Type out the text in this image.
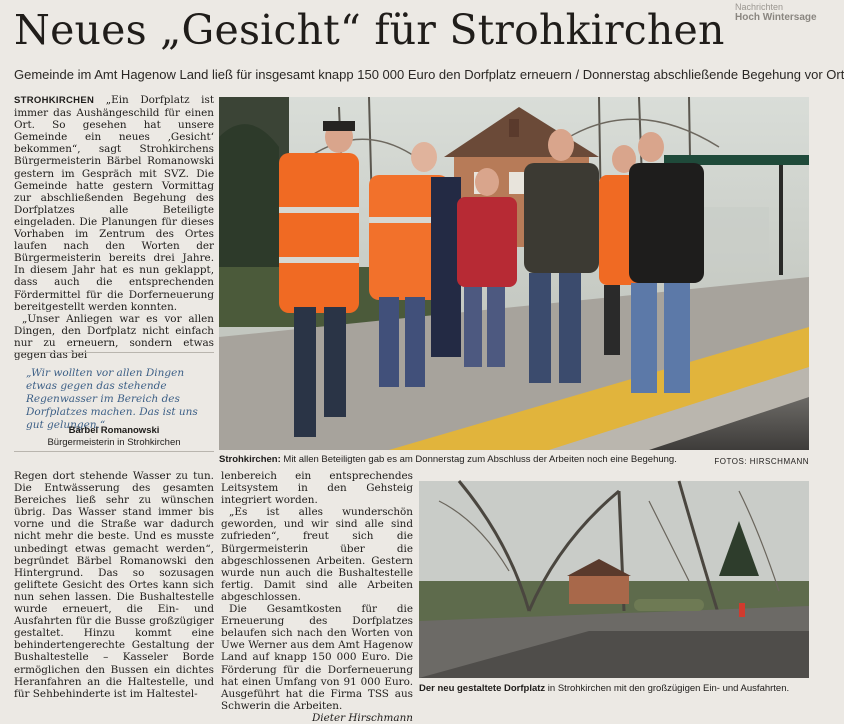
Nachrichten
Hoch Wintersage
Neues „Gesicht“ für Strohkirchen
Gemeinde im Amt Hagenow Land ließ für insgesamt knapp 150 000 Euro den Dorfplatz erneuern / Donnerstag abschließende Begehung vor Ort

STROHKIRCHEN „Ein Dorfplatz ist immer das Aushängeschild für einen Ort. So gesehen hat unsere Gemeinde ein neues ‚Gesicht‘ bekommen“, sagt Strohkirchens Bürgermeisterin Bärbel Romanowski gestern im Gespräch mit SVZ. Die Gemeinde hatte gestern Vormittag zur abschließenden Begehung des Dorfplatzes alle Beteiligte eingeladen. Die Planungen für dieses Vorhaben im Zentrum des Ortes laufen nach den Worten der Bürgermeisterin bereits drei Jahre. In diesem Jahr hat es nun geklappt, dass auch die entsprechenden Fördermittel für die Dorferneuerung bereitgestellt werden konnten.

„Unser Anliegen war es vor allen Dingen, den Dorfplatz nicht einfach nur zu erneuern, sondern etwas gegen das bei

„Wir wollten vor allen Dingen etwas gegen das stehende Regenwasser im Bereich des Dorfplatzes machen. Das ist uns gut gelungen.“
Bärbel Romanowski
Bürgermeisterin in Strohkirchen
Strohkirchen: Mit allen Beteiligten gab es am Donnerstag zum Abschluss der Arbeiten noch eine Begehung.	FOTOS: HIRSCHMANN

Regen dort stehende Wasser zu tun. Die Entwässerung des gesamten Bereiches ließ sehr zu wünschen übrig. Das Wasser stand immer bis vorne und die Straße war dadurch nicht mehr die beste. Und es musste unbedingt etwas gemacht werden“, begründet Bärbel Romanowski den Hintergrund. Das so sozusagen geliftete Gesicht des Ortes kann sich nun sehen lassen. Die Bushaltestelle wurde erneuert, die Ein- und Ausfahrten für die Busse großzügiger gestaltet. Hinzu kommt eine behindertengerechte Gestaltung der Bushaltestelle – Kasseler Borde ermöglichen den Bussen ein dichtes Heranfahren an die Haltestelle, und für Sehbehinderte ist im Haltestel-

lenbereich ein entsprechendes Leitsystem in den Gehsteig integriert worden.

„Es ist alles wunderschön geworden, und wir sind alle sind zufrieden“, freut sich die Bürgermeisterin über die abgeschlossenen Arbeiten. Gestern wurde nun auch die Bushaltestelle fertig. Damit sind alle Arbeiten abgeschlossen.

Die Gesamtkosten für die Erneuerung des Dorfplatzes belaufen sich nach den Worten von Uwe Werner aus dem Amt Hagenow Land auf knapp 150 000 Euro. Die Förderung für die Dorferneuerung hat einen Umfang von 91 000 Euro. Ausgeführt hat die Firma TSS aus Schwerin die Arbeiten.
Dieter Hirschmann

Der neu gestaltete Dorfplatz in Strohkirchen mit den großzügigen Ein- und Ausfahrten.
